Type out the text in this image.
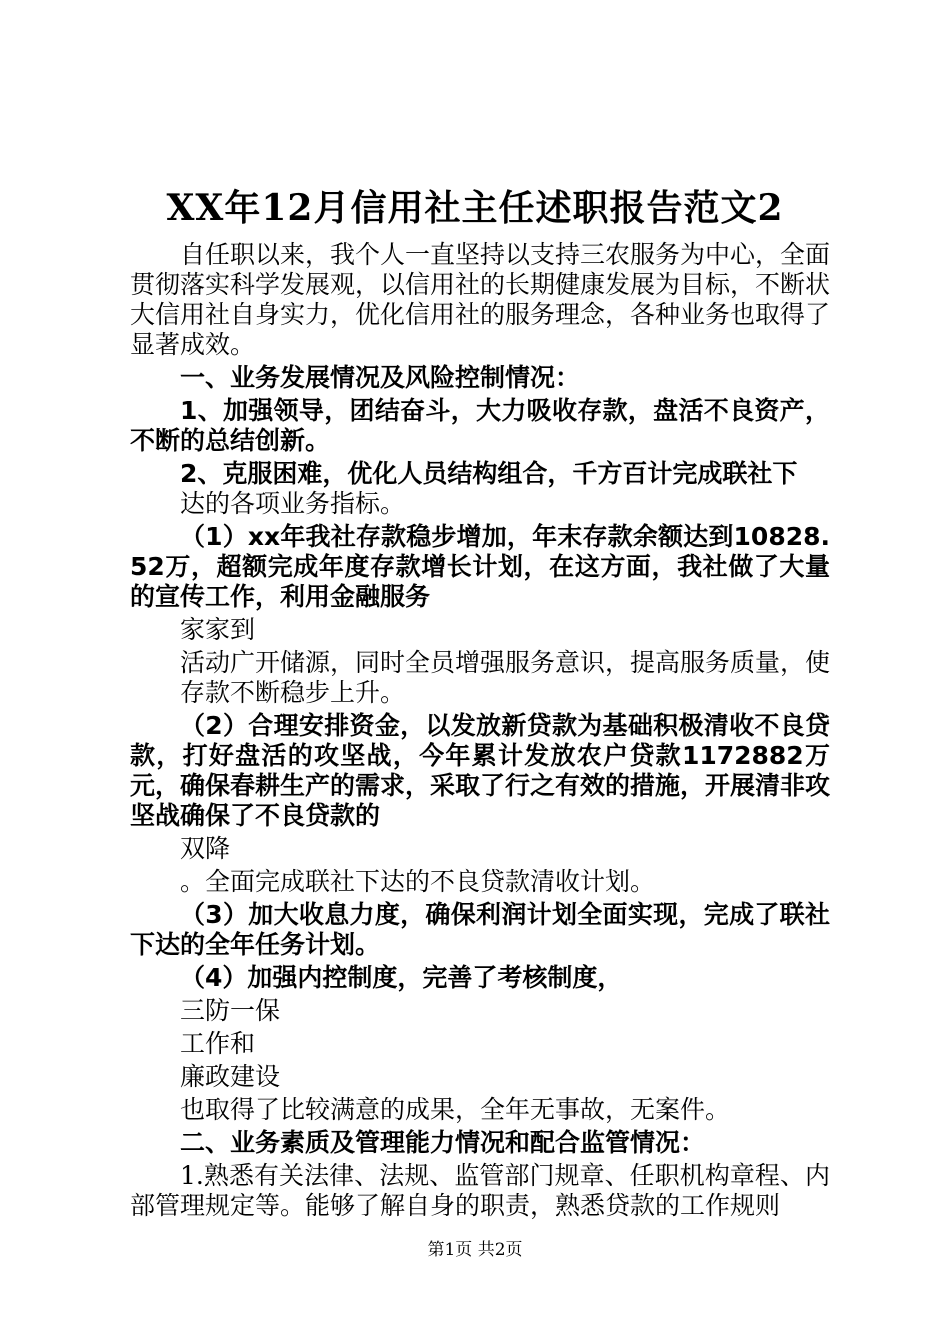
XX年12月信用社主任述职报告范文2

自任职以来，我个人一直坚持以支持三农服务为中心，全面贯彻落实科学发展观，以信用社的长期健康发展为目标，不断状大信用社自身实力，优化信用社的服务理念，各种业务也取得了显著成效。

一、业务发展情况及风险控制情况：

1、加强领导，团结奋斗，大力吸收存款，盘活不良资产，不断的总结创新。

2、克服困难，优化人员结构组合，千方百计完成联社下

达的各项业务指标。

（1）xx年我社存款稳步增加，年末存款余额达到10828.52万，超额完成年度存款增长计划，在这方面，我社做了大量的宣传工作，利用金融服务

家家到

活动广开储源，同时全员增强服务意识，提高服务质量，使存款不断稳步上升。

（2）合理安排资金，以发放新贷款为基础积极清收不良贷款，打好盘活的攻坚战，今年累计发放农户贷款1172882万元，确保春耕生产的需求，采取了行之有效的措施，开展清非攻坚战确保了不良贷款的

双降

。全面完成联社下达的不良贷款清收计划。

（3）加大收息力度，确保利润计划全面实现，完成了联社下达的全年任务计划。

（4）加强内控制度，完善了考核制度，

三防一保

工作和

廉政建设

也取得了比较满意的成果，全年无事故，无案件。

二、业务素质及管理能力情况和配合监管情况：

1.熟悉有关法律、法规、监管部门规章、任职机构章程、内部管理规定等。能够了解自身的职责，熟悉贷款的工作规则

第1页 共2页
